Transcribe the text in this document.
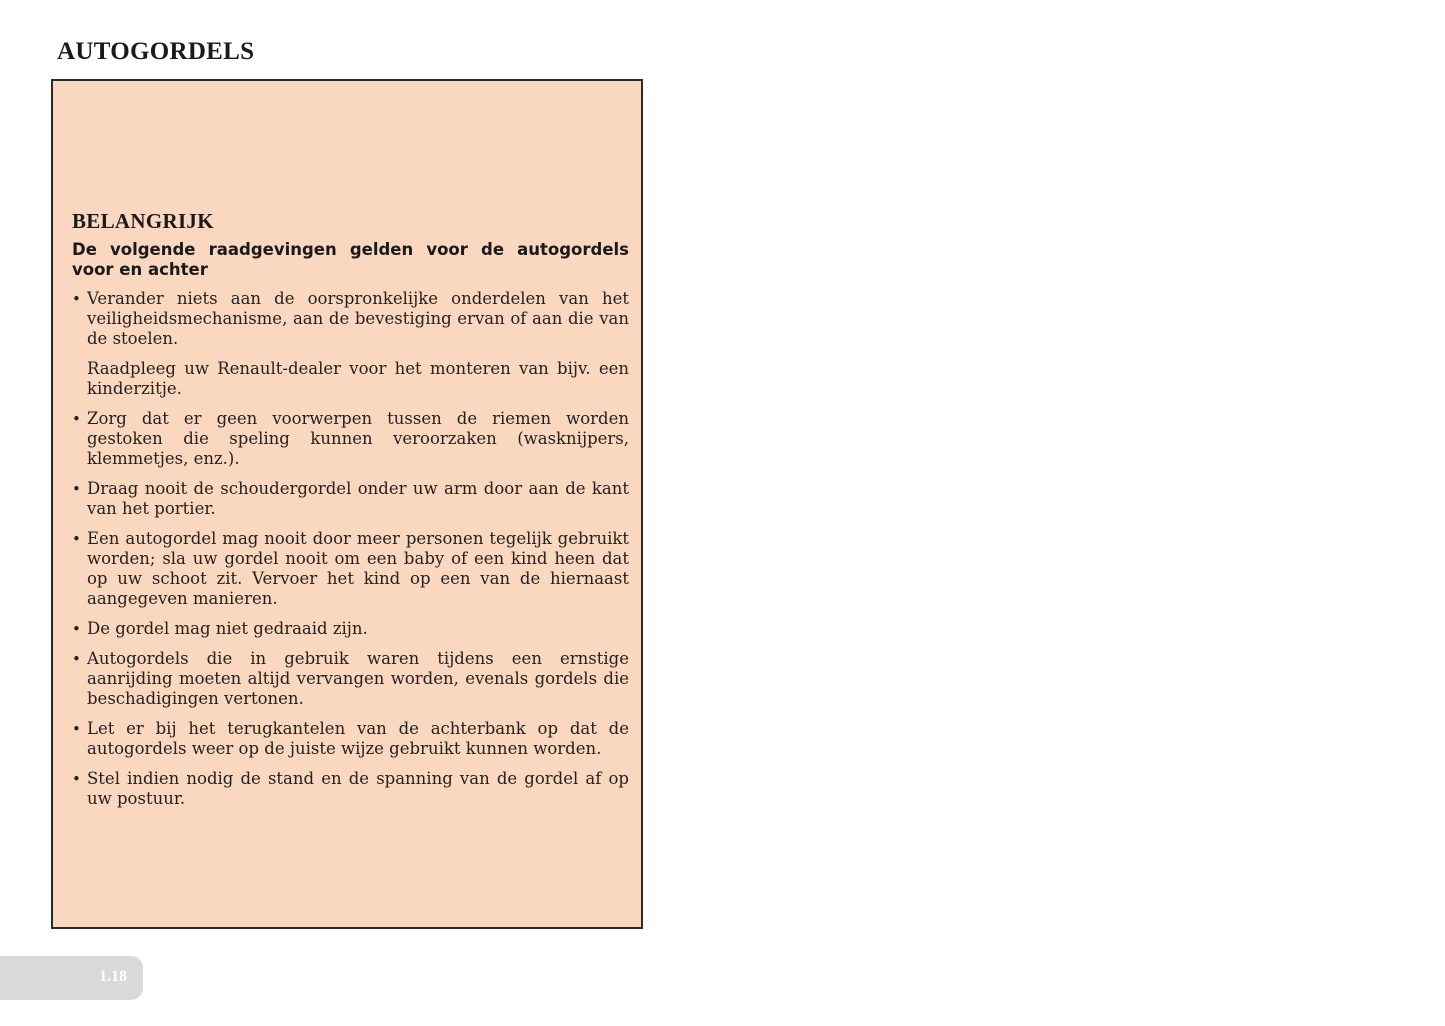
AUTOGORDELS
BELANGRIJK

De volgende raadgevingen gelden voor de autogordels voor en achter

• Verander niets aan de oorspronkelijke onderdelen van het veiligheidsmechanisme, aan de bevestiging ervan of aan die van de stoelen.

Raadpleeg uw Renault-dealer voor het monteren van bijv. een kinderzitje.

• Zorg dat er geen voorwerpen tussen de riemen worden gestoken die speling kunnen veroorzaken (wasknijpers, klemmetjes, enz.).

• Draag nooit de schoudergordel onder uw arm door aan de kant van het portier.

• Een autogordel mag nooit door meer personen tegelijk gebruikt worden; sla uw gordel nooit om een baby of een kind heen dat op uw schoot zit. Vervoer het kind op een van de hiernaast aangegeven manieren.

• De gordel mag niet gedraaid zijn.

• Autogordels die in gebruik waren tijdens een ernstige aanrijding moeten altijd vervangen worden, evenals gordels die beschadigingen vertonen.

• Let er bij het terugkantelen van de achterbank op dat de autogordels weer op de juiste wijze gebruikt kunnen worden.

• Stel indien nodig de stand en de spanning van de gordel af op uw postuur.

1.18
